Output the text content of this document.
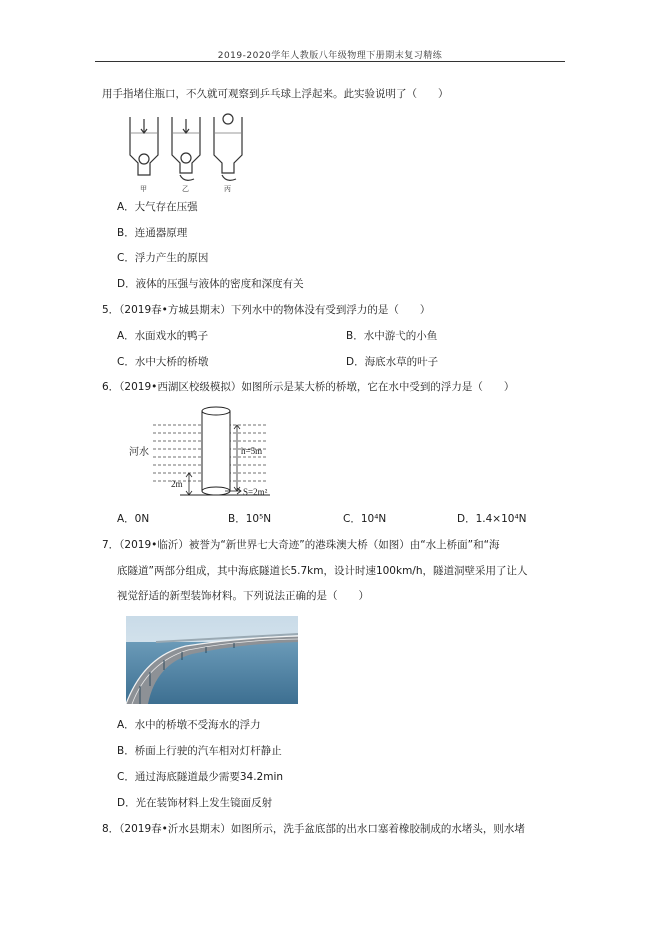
2019-2020学年人教版八年级物理下册期末复习精练
用手指堵住瓶口，不久就可观察到乒乓球上浮起来。此实验说明了（　　）
甲	乙	丙
A．大气存在压强
B．连通器原理
C．浮力产生的原因
D．液体的压强与液体的密度和深度有关
5．（2019春•方城县期末）下列水中的物体没有受到浮力的是（　　）
A．水面戏水的鸭子	B．水中游弋的小鱼
C．水中大桥的桥墩	D．海底水草的叶子
6．（2019•西湖区校级模拟）如图所示是某大桥的桥墩，它在水中受到的浮力是（　　）
河水	h=5m
2m
S=2m²
A．0N	B．10⁵N	C．10⁴N	D．1.4×10⁴N
7．（2019•临沂）被誉为“新世界七大奇迹”的港珠澳大桥（如图）由“水上桥面”和“海
底隧道”两部分组成，其中海底隧道长5.7km，设计时速100km/h，隧道洞壁采用了让人
视觉舒适的新型装饰材料。下列说法正确的是（　　）
A．水中的桥墩不受海水的浮力
B．桥面上行驶的汽车相对灯杆静止
C．通过海底隧道最少需要34.2min
D．光在装饰材料上发生镜面反射
8．（2019春•沂水县期末）如图所示，洗手盆底部的出水口塞着橡胶制成的水堵头，则水堵
